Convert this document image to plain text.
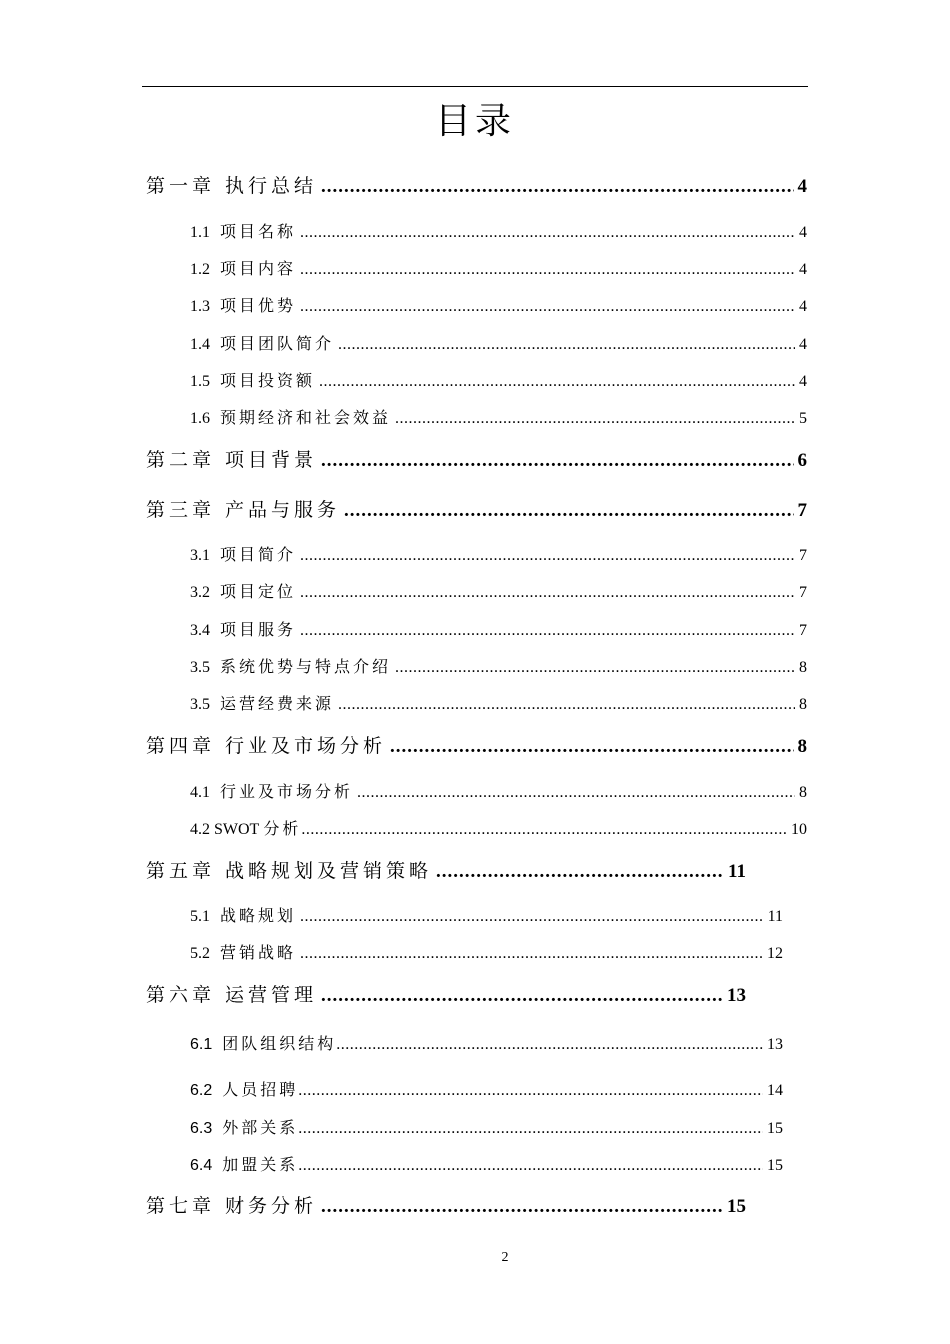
目录
第一章 执行总结 .....	4
1.1 项目名称 .....	4
1.2 项目内容 .....	4
1.3 项目优势 .....	4
1.4 项目团队简介 .....	4
1.5 项目投资额 .....	4
1.6 预期经济和社会效益 .....	5
第二章 项目背景 .....	6
第三章 产品与服务 .....	7
3.1 项目简介 .....	7
3.2 项目定位 .....	7
3.4 项目服务 .....	7
3.5 系统优势与特点介绍 .....	8
3.5 运营经费来源 .....	8
第四章 行业及市场分析 .....	8
4.1 行业及市场分析 .....	8
4.2 SWOT 分析 .....	10
第五章 战略规划及营销策略 .....	11
5.1 战略规划 .....	11
5.2 营销战略 .....	12
第六章 运营管理 .....	13
6.1 团队组织结构 .....	13
6.2 人员招聘 .....	14
6.3 外部关系 .....	15
6.4 加盟关系 .....	15
第七章 财务分析 .....	15
2
